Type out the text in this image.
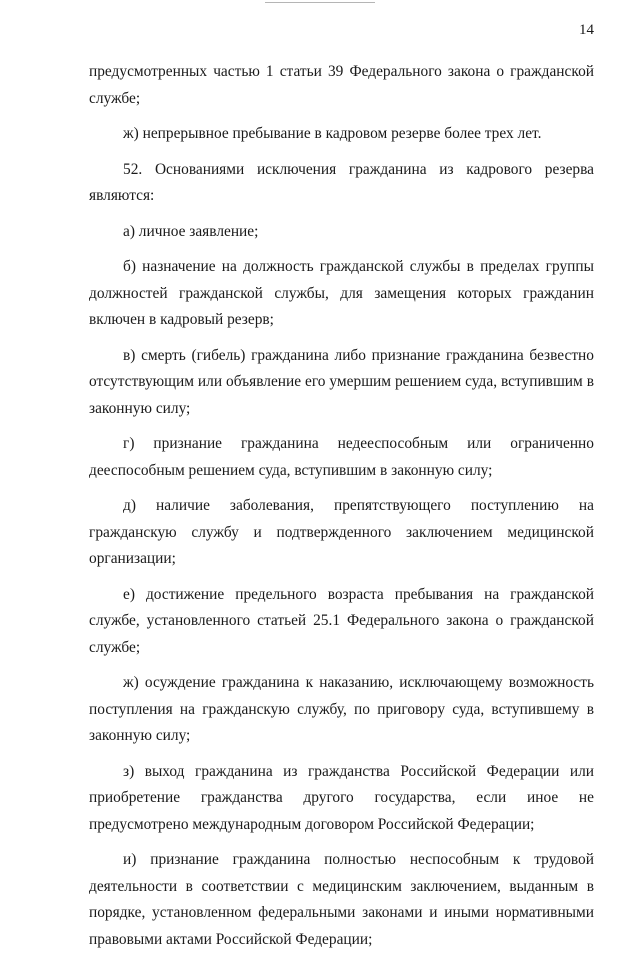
14

предусмотренных частью 1 статьи 39 Федерального закона о гражданской службе;

ж) непрерывное пребывание в кадровом резерве более трех лет.

52. Основаниями исключения гражданина из кадрового резерва являются:

а) личное заявление;

б) назначение на должность гражданской службы в пределах группы должностей гражданской службы, для замещения которых гражданин включен в кадровый резерв;

в) смерть (гибель) гражданина либо признание гражданина безвестно отсутствующим или объявление его умершим решением суда, вступившим в законную силу;

г) признание гражданина недееспособным или ограниченно дееспособным решением суда, вступившим в законную силу;

д) наличие заболевания, препятствующего поступлению на гражданскую службу и подтвержденного заключением медицинской организации;

е) достижение предельного возраста пребывания на гражданской службе, установленного статьей 25.1 Федерального закона о гражданской службе;

ж) осуждение гражданина к наказанию, исключающему возможность поступления на гражданскую службу, по приговору суда, вступившему в законную силу;

з) выход гражданина из гражданства Российской Федерации или приобретение гражданства другого государства, если иное не предусмотрено международным договором Российской Федерации;

и) признание гражданина полностью неспособным к трудовой деятельности в соответствии с медицинским заключением, выданным в порядке, установленном федеральными законами и иными нормативными правовыми актами Российской Федерации;
